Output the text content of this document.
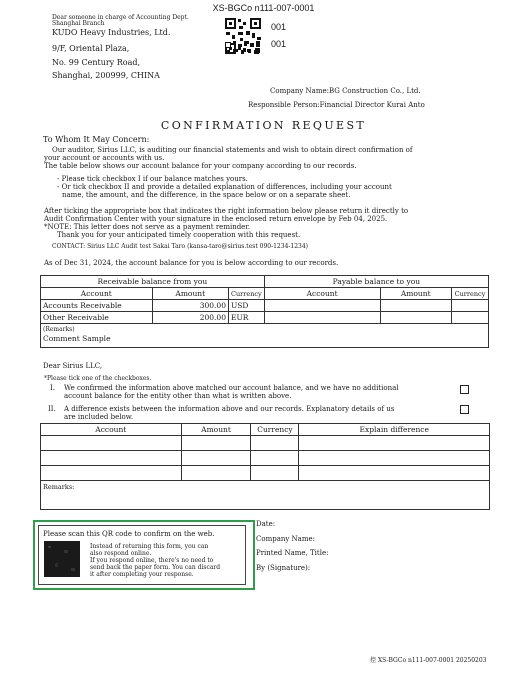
XS-BGCo n111-007-0001
Dear someone in charge of Accounting Dept.
Shanghai Branch
KUDO Heavy Industries, Ltd.
9/F, Oriental Plaza,
No. 99 Century Road,
Shanghai, 200999, CHINA
001
001
Company Name:BG Construction Co., Ltd.
Responsible Person:Financial Director Kurai Anto
CONFIRMATION REQUEST
To Whom It May Concern:
Our auditor, Sirius LLC, is auditing our financial statements and wish to obtain direct confirmation of
your account or accounts with us.
The table below shows our account balance for your company according to our records.
- Please tick checkbox I if our balance matches yours.
- Or tick checkbox II and provide a detailed explanation of differences, including your account
name, the amount, and the difference, in the space below or on a separate sheet.
After ticking the appropriate box that indicates the right information below please return it directly to
Audit Confirmation Center with your signature in the enclosed return envelope by Feb 04, 2025.
*NOTE: This letter does not serve as a payment reminder.
Thank you for your anticipated timely cooperation with this request.
CONTACT: Sirius LLC Audit test Sakai Taro (kansa-taro@sirius.test 090-1234-1234)
As of Dec 31, 2024, the account balance for you is below according to our records.
Receivable balance from you			Payable balance to you		
Account	Amount	Currency	Account	Amount	Currency
Accounts Receivable	300.00	USD			
Other Receivable	200.00	EUR			

(Remarks)
Comment Sample					
Dear Sirius LLC,
*Please tick one of the checkboxes.
I. We confirmed the information above matched our account balance, and we have no additional
account balance for the entity other than what is written above.
II. A difference exists between the information above and our records. Explanatory details of us
are included below.
Account	Amount	Currency	Explain difference

Remarks:			
Please scan this QR code to confirm on the web.
Instead of returning this form, you can
also respond online.
If you respond online, there's no need to
send back the paper form. You can discard
it after completing your response.
Date:
Company Name:
Printed Name, Title:
By (Signature):
控 XS-BGCo n111-007-0001 20250203
